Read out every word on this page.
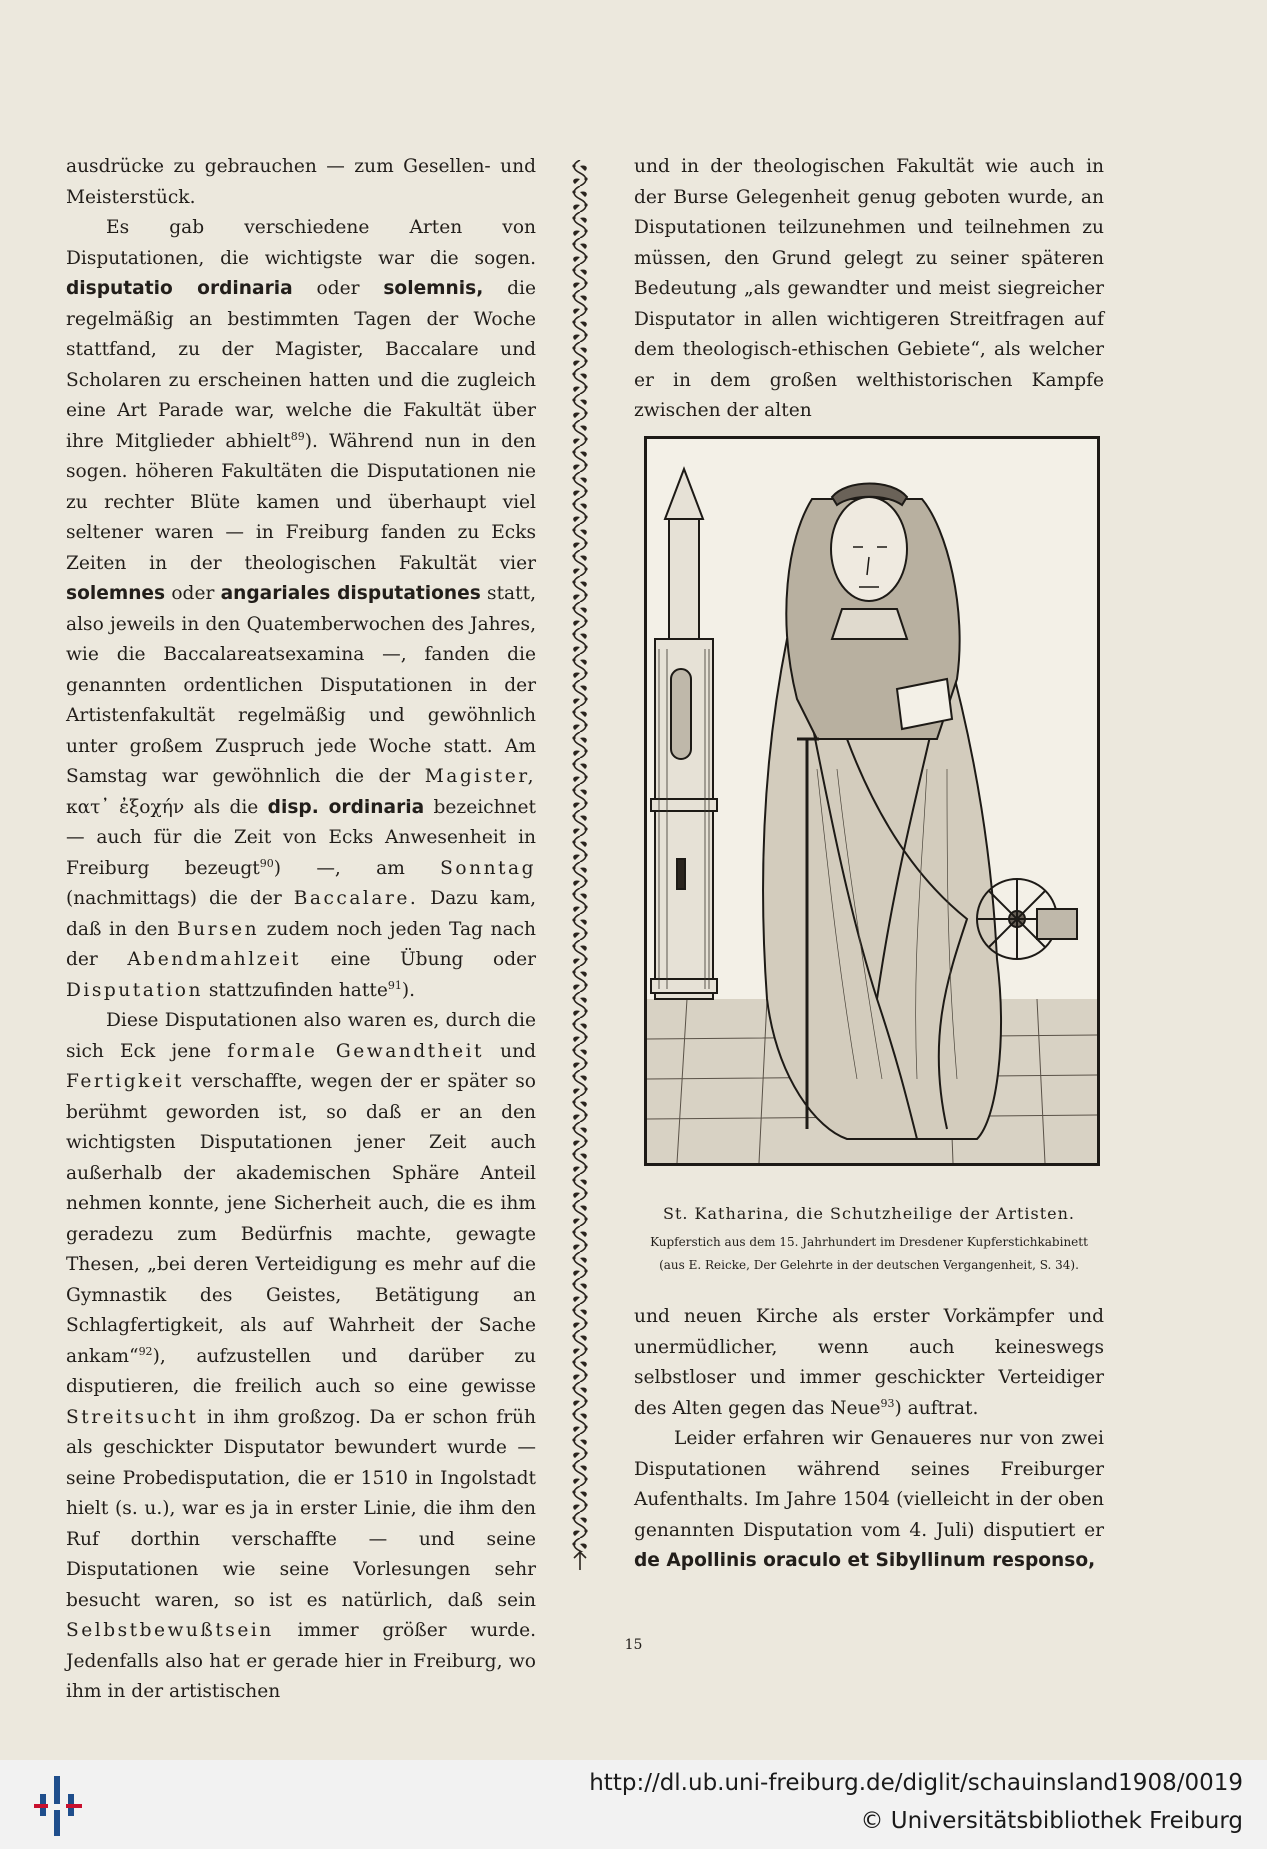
ausdrücke zu gebrauchen — zum Gesellen- und Meisterstück.

Es gab verschiedene Arten von Disputationen, die wichtigste war die sogen. disputatio ordinaria oder solemnis, die regelmäßig an bestimmten Tagen der Woche stattfand, zu der Magister, Baccalare und Scholaren zu erscheinen hatten und die zugleich eine Art Parade war, welche die Fakultät über ihre Mitglieder abhielt$^{89}$). Während nun in den sogen. höheren Fakultäten die Disputationen nie zu rechter Blüte kamen und überhaupt viel seltener waren — in Freiburg fanden zu Ecks Zeiten in der theologischen Fakultät vier solemnes oder angariales disputationes statt, also jeweils in den Quatemberwochen des Jahres, wie die Baccalareatsexamina —, fanden die genannten ordentlichen Disputationen in der Artistenfakultät regelmäßig und gewöhnlich unter großem Zuspruch jede Woche statt. Am Samstag war gewöhnlich die der Magister, κατ᾽ ἐξοχήν als die disp. ordinaria bezeichnet — auch für die Zeit von Ecks Anwesenheit in Freiburg bezeugt$^{90}$) —, am Sonntag (nachmittags) die der Baccalare. Dazu kam, daß in den Bursen zudem noch jeden Tag nach der Abendmahlzeit eine Übung oder Disputation stattzufinden hatte$^{91}$).

Diese Disputationen also waren es, durch die sich Eck jene formale Gewandtheit und Fertigkeit verschaffte, wegen der er später so berühmt geworden ist, so daß er an den wichtigsten Disputationen jener Zeit auch außerhalb der akademischen Sphäre Anteil nehmen konnte, jene Sicherheit auch, die es ihm geradezu zum Bedürfnis machte, gewagte Thesen, „bei deren Verteidigung es mehr auf die Gymnastik des Geistes, Betätigung an Schlagfertigkeit, als auf Wahrheit der Sache ankam“$^{92}$), aufzustellen und darüber zu disputieren, die freilich auch so eine gewisse Streitsucht in ihm großzog. Da er schon früh als geschickter Disputator bewundert wurde — seine Probedisputation, die er 1510 in Ingolstadt hielt (s. u.), war es ja in erster Linie, die ihm den Ruf dorthin verschaffte — und seine Disputationen wie seine Vorlesungen sehr besucht waren, so ist es natürlich, daß sein Selbstbewußtsein immer größer wurde. Jedenfalls also hat er gerade hier in Freiburg, wo ihm in der artistischen

und in der theologischen Fakultät wie auch in der Burse Gelegenheit genug geboten wurde, an Disputationen teilzunehmen und teilnehmen zu müssen, den Grund gelegt zu seiner späteren Bedeutung „als gewandter und meist siegreicher Disputator in allen wichtigeren Streitfragen auf dem theologisch-ethischen Gebiete“, als welcher er in dem großen welthistorischen Kampfe zwischen der alten

St. Katharina, die Schutzheilige der Artisten.
Kupferstich aus dem 15. Jahrhundert im Dresdener Kupferstichkabinett
(aus E. Reicke, Der Gelehrte in der deutschen Vergangenheit, S. 34).

und neuen Kirche als erster Vorkämpfer und unermüdlicher, wenn auch keineswegs selbstloser und immer geschickter Verteidiger des Alten gegen das Neue$^{93}$) auftrat.

Leider erfahren wir Genaueres nur von zwei Disputationen während seines Freiburger Aufenthalts. Im Jahre 1504 (vielleicht in der oben genannten Disputation vom 4. Juli) disputiert er de Apollinis oraculo et Sibyllinum responso,

15
http://dl.ub.uni-freiburg.de/diglit/schauinsland1908/0019
© Universitätsbibliothek Freiburg
